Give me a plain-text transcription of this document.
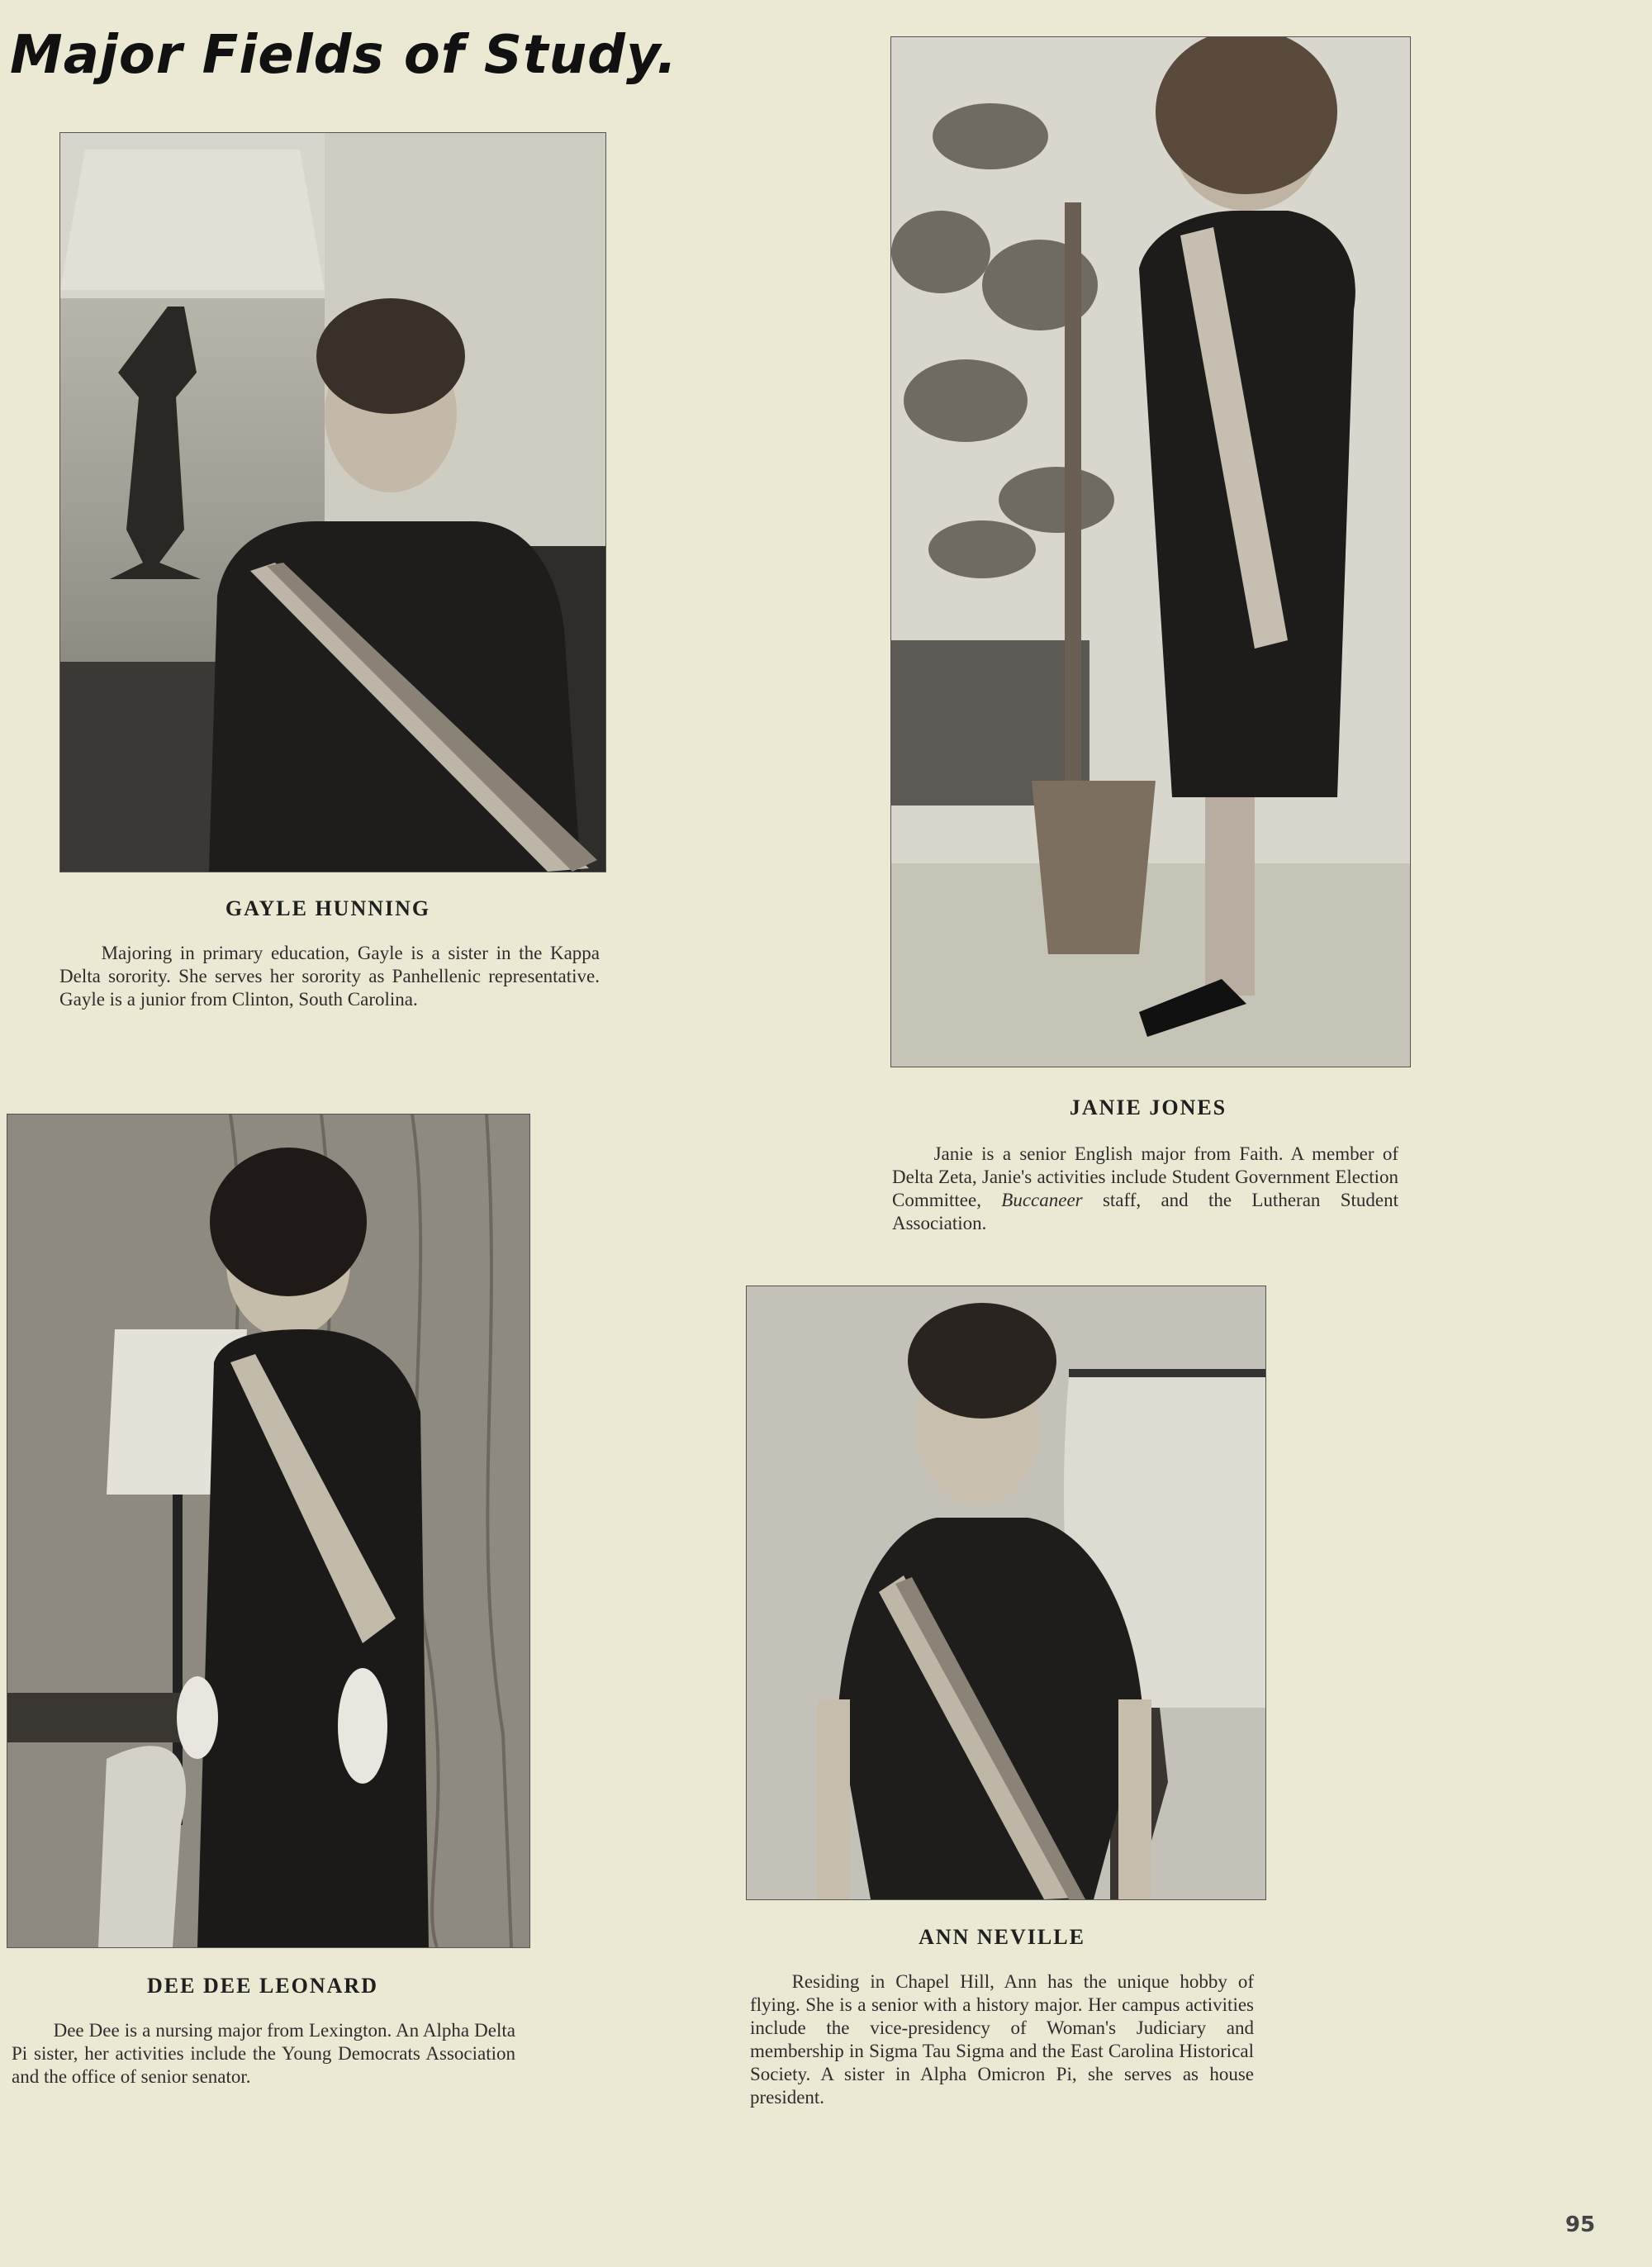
Major Fields of Study.
GAYLE HUNNING

Majoring in primary education, Gayle is a sister in the Kappa Delta sorority. She serves her sorority as Panhellenic representative. Gayle is a junior from Clinton, South Carolina.

JANIE JONES

Janie is a senior English major from Faith. A member of Delta Zeta, Janie's activities include Student Government Election Committee, Buccaneer staff, and the Lutheran Student Association.

DEE DEE LEONARD

Dee Dee is a nursing major from Lexington. An Alpha Delta Pi sister, her activities include the Young Democrats Association and the office of senior senator.

ANN NEVILLE

Residing in Chapel Hill, Ann has the unique hobby of flying. She is a senior with a history major. Her campus activities include the vice-presidency of Woman's Judiciary and membership in Sigma Tau Sigma and the East Carolina Historical Society. A sister in Alpha Omicron Pi, she serves as house president.

95
